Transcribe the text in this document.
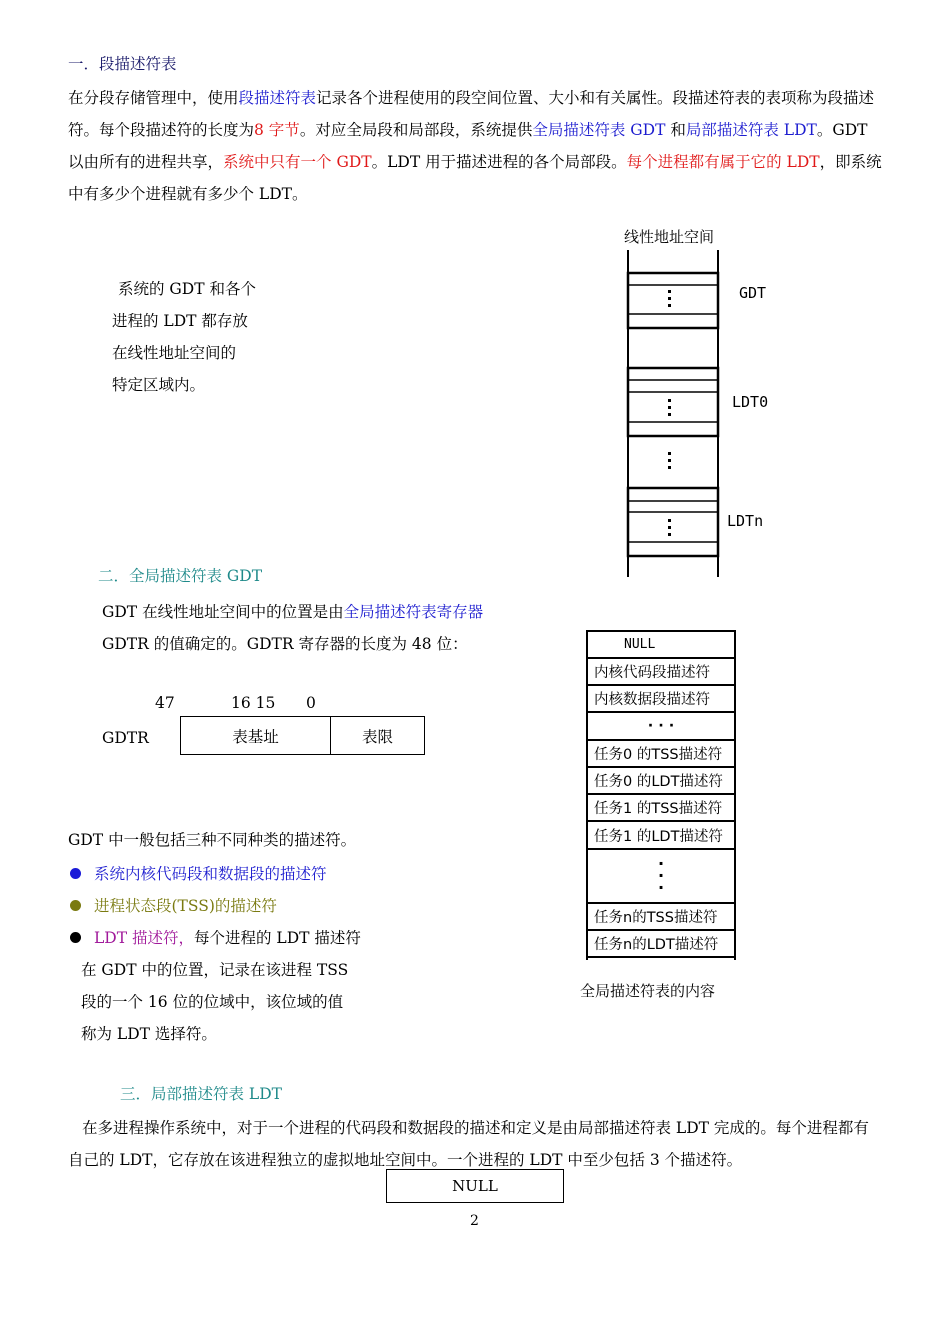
一．段描述符表
在分段存储管理中，使用段描述符表记录各个进程使用的段空间位置、大小和有关属性。段描述符表的表项称为段描述符。每个段描述符的长度为8 字节。对应全局段和局部段，系统提供全局描述符表 GDT 和局部描述符表 LDT。GDT 以由所有的进程共享，系统中只有一个 GDT。LDT 用于描述进程的各个局部段。每个进程都有属于它的 LDT，即系统中有多少个进程就有多少个 LDT。
系统的 GDT 和各个
进程的 LDT 都存放
在线性地址空间的
特定区域内。
线性地址空间
GDT
LDT0
LDTn
二．全局描述符表 GDT
GDT 在线性地址空间中的位置是由全局描述符表寄存器
GDTR 的值确定的。GDTR 寄存器的长度为 48 位：
47	16 15 0
GDTR	表基址	表限
GDT 中一般包括三种不同种类的描述符。
系统内核代码段和数据段的描述符
进程状态段(TSS)的描述符
LDT 描述符，每个进程的 LDT 描述符
在 GDT 中的位置，记录在该进程 TSS
段的一个 16 位的位域中，该位域的值
称为 LDT 选择符。
NULL
内核代码段描述符
内核数据段描述符
· · ·
任务0 的TSS描述符
任务0 的LDT描述符
任务1 的TSS描述符
任务1 的LDT描述符
·
·
·
任务n的TSS描述符
任务n的LDT描述符
全局描述符表的内容
三．局部描述符表 LDT
在多进程操作系统中，对于一个进程的代码段和数据段的描述和定义是由局部描述符表 LDT 完成的。每个进程都有自己的 LDT，它存放在该进程独立的虚拟地址空间中。一个进程的 LDT 中至少包括 3 个描述符。
NULL
2
